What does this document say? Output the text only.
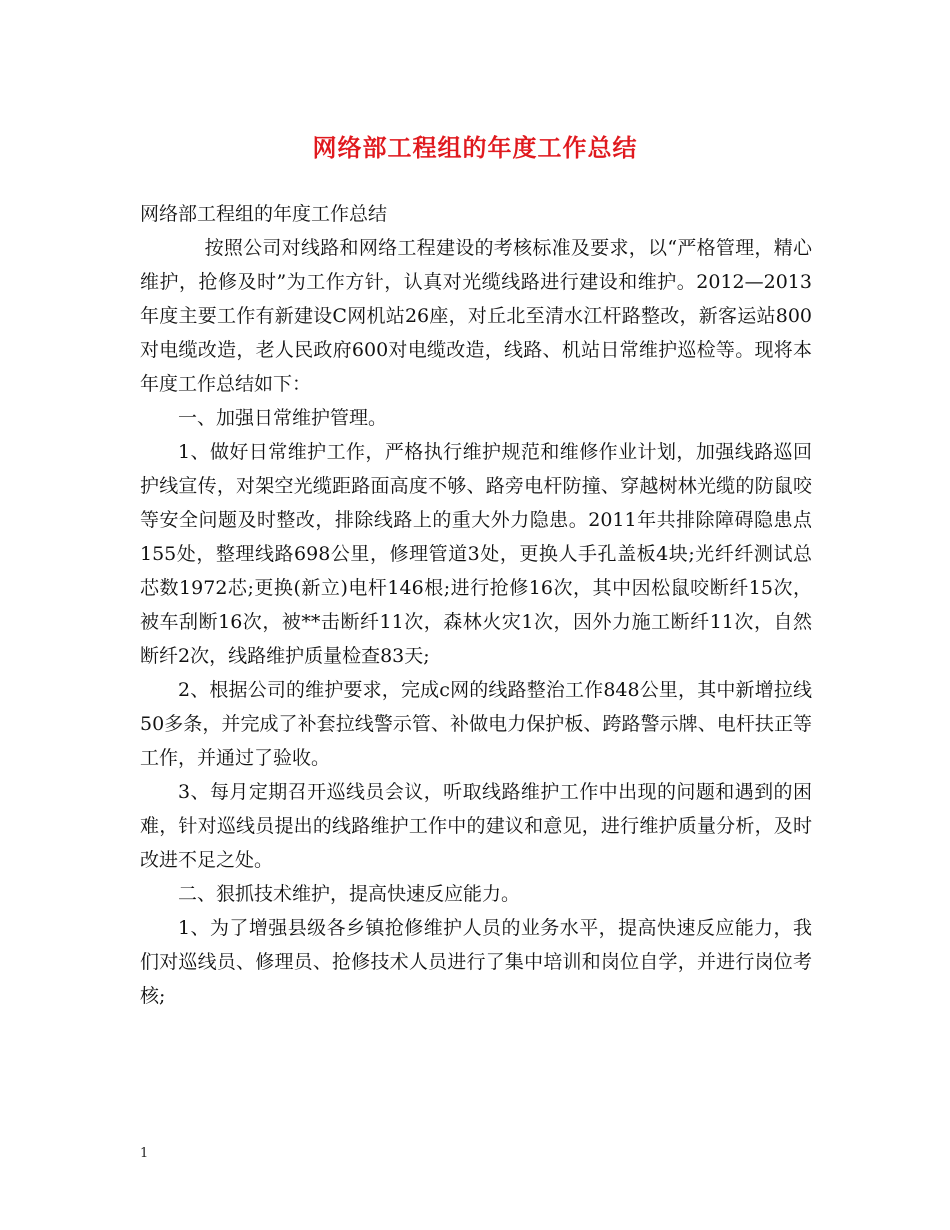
网络部工程组的年度工作总结

网络部工程组的年度工作总结

按照公司对线路和网络工程建设的考核标准及要求，以“严格管理，精心维护，抢修及时”为工作方针，认真对光缆线路进行建设和维护。2012—2013年度主要工作有新建设C网机站26座，对丘北至清水江杆路整改，新客运站800对电缆改造，老人民政府600对电缆改造，线路、机站日常维护巡检等。现将本年度工作总结如下：

一、加强日常维护管理。

1、做好日常维护工作，严格执行维护规范和维修作业计划，加强线路巡回护线宣传，对架空光缆距路面高度不够、路旁电杆防撞、穿越树林光缆的防鼠咬等安全问题及时整改，排除线路上的重大外力隐患。2011年共排除障碍隐患点155处，整理线路698公里，修理管道3处，更换人手孔盖板4块;光纤纤测试总芯数1972芯;更换(新立)电杆146根;进行抢修16次，其中因松鼠咬断纤15次，被车刮断16次，被**击断纤11次，森林火灾1次，因外力施工断纤11次，自然断纤2次，线路维护质量检查83天;

2、根据公司的维护要求，完成c网的线路整治工作848公里，其中新增拉线50多条，并完成了补套拉线警示管、补做电力保护板、跨路警示牌、电杆扶正等工作，并通过了验收。

3、每月定期召开巡线员会议，听取线路维护工作中出现的问题和遇到的困难，针对巡线员提出的线路维护工作中的建议和意见，进行维护质量分析，及时改进不足之处。

二、狠抓技术维护，提高快速反应能力。

1、为了增强县级各乡镇抢修维护人员的业务水平，提高快速反应能力，我们对巡线员、修理员、抢修技术人员进行了集中培训和岗位自学，并进行岗位考核;

1
